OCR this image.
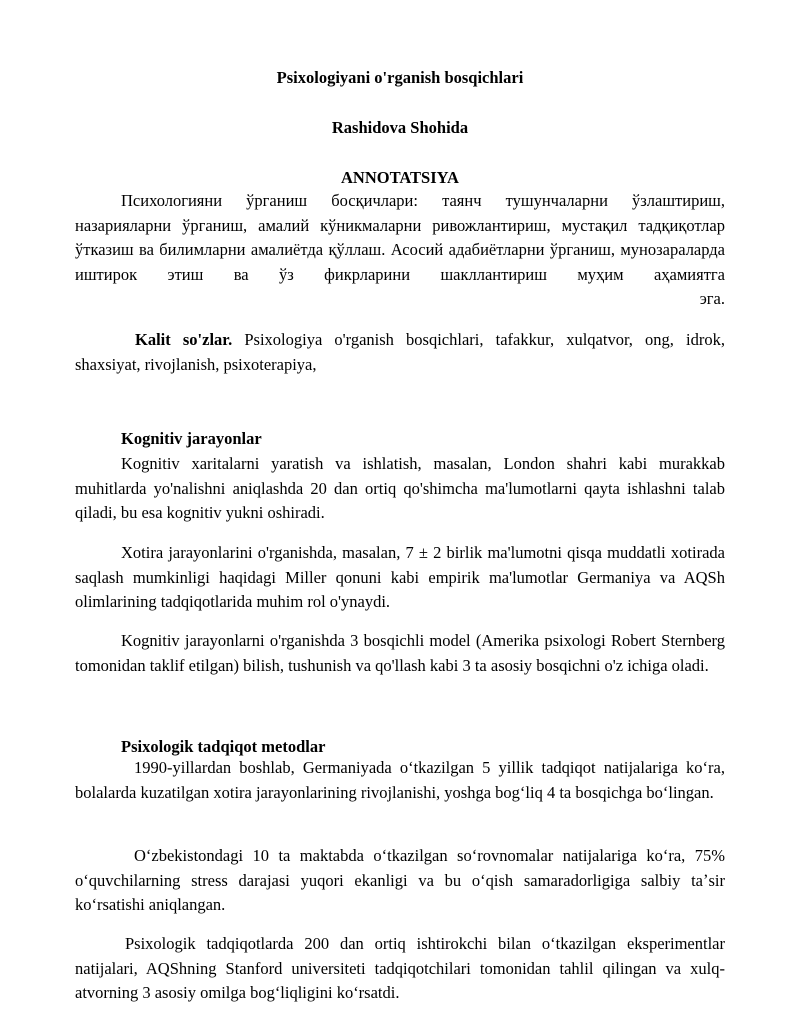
Psixologiyani o'rganish bosqichlari
Rashidova Shohida
ANNOTATSIYA
Психологияни ўрганиш босқичлари: таянч тушунчаларни ўзлаштириш, назарияларни ўрганиш, амалий кўникмаларни ривожлантириш, мустақил тадқиқотлар ўтказиш ва билимларни амалиётда қўллаш. Асосий адабиётларни ўрганиш, мунозараларда иштирок этиш ва ўз фикрларини шакллантириш муҳим аҳамиятга
эга.
Kalit so'zlar. Psixologiya o'rganish bosqichlari, tafakkur, xulqatvor, ong, idrok, shaxsiyat, rivojlanish, psixoterapiya,
Kognitiv jarayonlar
Kognitiv xaritalarni yaratish va ishlatish, masalan, London shahri kabi murakkab muhitlarda yo'nalishni aniqlashda 20 dan ortiq qo'shimcha ma'lumotlarni qayta ishlashni talab qiladi, bu esa kognitiv yukni oshiradi.
Xotira jarayonlarini o'rganishda, masalan, 7 ± 2 birlik ma'lumotni qisqa muddatli xotirada saqlash mumkinligi haqidagi Miller qonuni kabi empirik ma'lumotlar Germaniya va AQSh olimlarining tadqiqotlarida muhim rol o'ynaydi.
Kognitiv jarayonlarni o'rganishda 3 bosqichli model (Amerika psixologi Robert Sternberg tomonidan taklif etilgan) bilish, tushunish va qo'llash kabi 3 ta asosiy bosqichni o'z ichiga oladi.
Psixologik tadqiqot metodlar
1990-yillardan boshlab, Germaniyada oʻtkazilgan 5 yillik tadqiqot natijalariga koʻra, bolalarda kuzatilgan xotira jarayonlarining rivojlanishi, yoshga bogʻliq 4 ta bosqichga boʻlingan.
Oʻzbekistondagi 10 ta maktabda oʻtkazilgan soʻrovnomalar natijalariga koʻra, 75% oʻquvchilarning stress darajasi yuqori ekanligi va bu oʻqish samaradorligiga salbiy taʼsir koʻrsatishi aniqlangan.
Psixologik tadqiqotlarda 200 dan ortiq ishtirokchi bilan oʻtkazilgan eksperimentlar natijalari, AQShning Stanford universiteti tadqiqotchilari tomonidan tahlil qilingan va xulq-atvorning 3 asosiy omilga bogʻliqligini koʻrsatdi.
